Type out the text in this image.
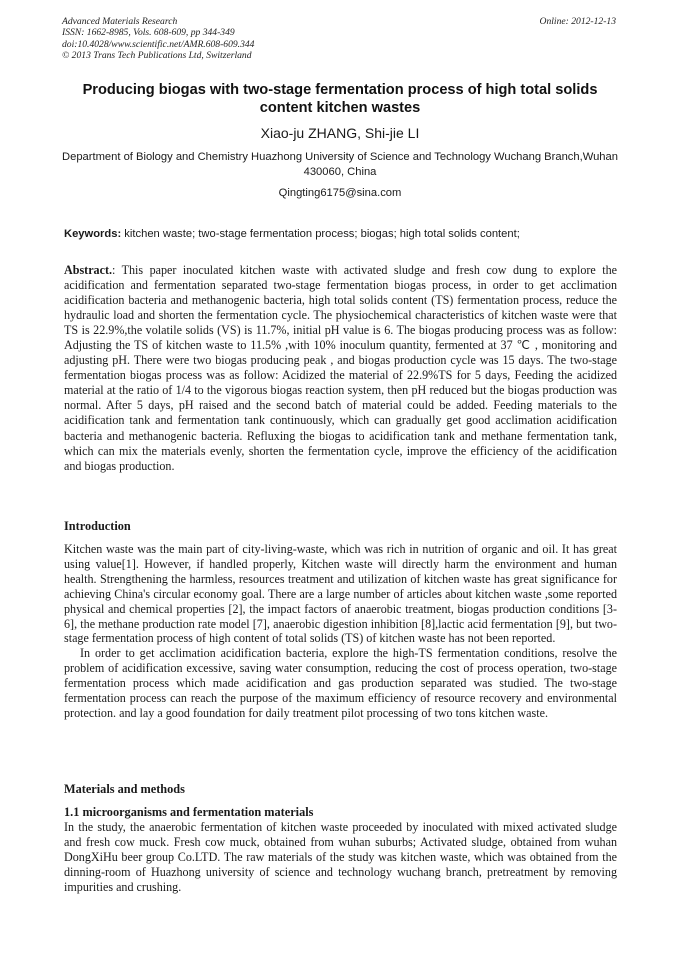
Advanced Materials Research
ISSN: 1662-8985, Vols. 608-609, pp 344-349
doi:10.4028/www.scientific.net/AMR.608-609.344
© 2013 Trans Tech Publications Ltd, Switzerland
Online: 2012-12-13
Producing biogas with two-stage fermentation process of high total solids content kitchen wastes
Xiao-ju ZHANG, Shi-jie LI
Department of Biology and Chemistry Huazhong University of Science and Technology Wuchang Branch,Wuhan 430060, China
Qingting6175@sina.com
Keywords: kitchen waste; two-stage fermentation process; biogas; high total solids content;
Abstract.: This paper inoculated kitchen waste with activated sludge and fresh cow dung to explore the acidification and fermentation separated two-stage fermentation biogas process, in order to get acclimation acidification bacteria and methanogenic bacteria, high total solids content (TS) fermentation process, reduce the hydraulic load and shorten the fermentation cycle. The physiochemical characteristics of kitchen waste were that TS is 22.9%,the volatile solids (VS) is 11.7%, initial pH value is 6. The biogas producing process was as follow: Adjusting the TS of kitchen waste to 11.5% ,with 10% inoculum quantity, fermented at 37 ℃ , monitoring and adjusting pH. There were two biogas producing peak , and biogas production cycle was 15 days. The two-stage fermentation biogas process was as follow: Acidized the material of 22.9%TS for 5 days, Feeding the acidized material at the ratio of 1/4 to the vigorous biogas reaction system, then pH reduced but the biogas production was normal. After 5 days, pH raised and the second batch of material could be added. Feeding materials to the acidification tank and fermentation tank continuously, which can gradually get good acclimation acidification bacteria and methanogenic bacteria. Refluxing the biogas to acidification tank and methane fermentation tank, which can mix the materials evenly, shorten the fermentation cycle, improve the efficiency of the acidification and biogas production.
Introduction

Kitchen waste was the main part of city-living-waste, which was rich in nutrition of organic and oil. It has great using value[1]. However, if handled properly, Kitchen waste will directly harm the environment and human health. Strengthening the harmless, resources treatment and utilization of kitchen waste has great significance for achieving China's circular economy goal. There are a large number of articles about kitchen waste ,some reported physical and chemical properties [2], the impact factors of anaerobic treatment, biogas production conditions [3-6], the methane production rate model [7], anaerobic digestion inhibition [8],lactic acid fermentation [9], but two-stage fermentation process of high content of total solids (TS) of kitchen waste has not been reported.

In order to get acclimation acidification bacteria, explore the high-TS fermentation conditions, resolve the problem of acidification excessive, saving water consumption, reducing the cost of process operation, two-stage fermentation process which made acidification and gas production separated was studied. The two-stage fermentation process can reach the purpose of the maximum efficiency of resource recovery and environmental protection. and lay a good foundation for daily treatment pilot processing of two tons kitchen waste.

Materials and methods
1.1 microorganisms and fermentation materials

In the study, the anaerobic fermentation of kitchen waste proceeded by inoculated with mixed activated sludge and fresh cow muck. Fresh cow muck, obtained from wuhan suburbs; Activated sludge, obtained from wuhan DongXiHu beer group Co.LTD. The raw materials of the study was kitchen waste, which was obtained from the dinning-room of Huazhong university of science and technology wuchang branch, pretreatment by removing impurities and crushing.
